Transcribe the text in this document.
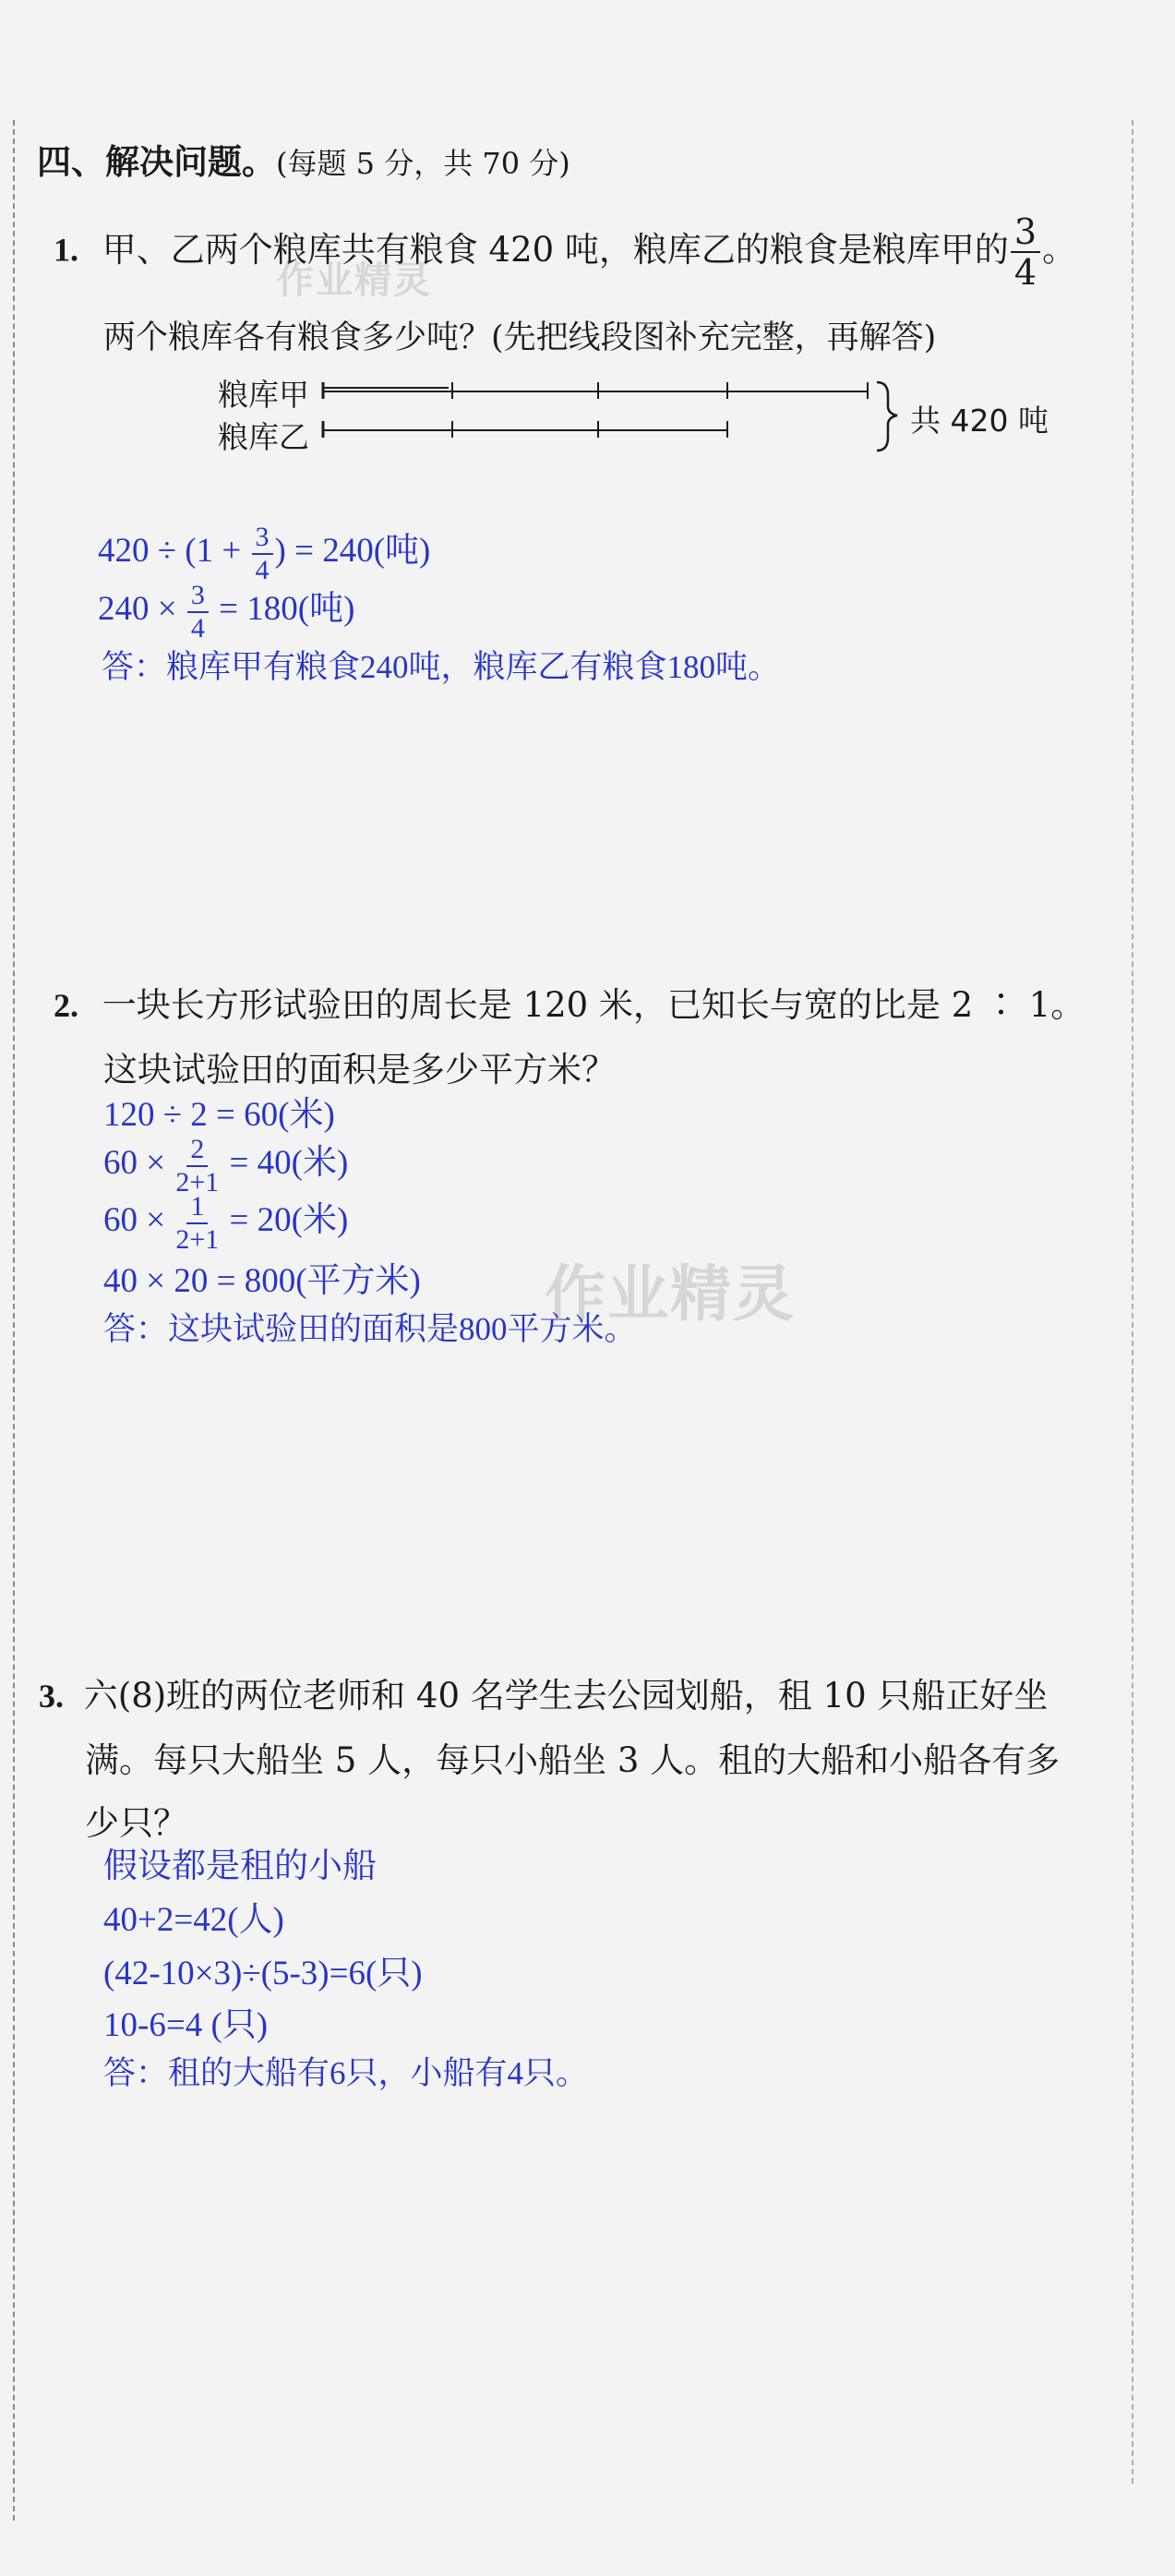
四、解决问题。(每题 5 分，共 70 分)
1. 甲、乙两个粮库共有粮食 420 吨，粮库乙的粮食是粮库甲的 $\frac{3}{4}$ 。
两个粮库各有粮食多少吨？(先把线段图补充完整，再解答)
粮库甲
粮库乙	共 420 吨
$420 \div (1 + \frac{3}{4}$ ) = 240(吨)
$240 \times \frac{3}{4} = 180$(吨)
答：粮库甲有粮食240吨，粮库乙有粮食180吨。
2. 一块长方形试验田的周长是 120 米，已知长与宽的比是 2 ∶ 1。
这块试验田的面积是多少平方米？
120 ÷ 2 = 60(米)
$60 \times \frac{2}{2+1} = 40$(米)
$60 \times \frac{1}{2+1} = 20$(米)
40 × 20 = 800(平方米)
答：这块试验田的面积是800平方米。
3. 六(8)班的两位老师和 40 名学生去公园划船，租 10 只船正好坐
满。每只大船坐 5 人，每只小船坐 3 人。租的大船和小船各有多
少只？
假设都是租的小船
40+2=42(人)
(42-10×3)÷(5-3)=6(只)
10-6=4 (只)
答：租的大船有6只，小船有4只。
作业精灵
作业精灵
